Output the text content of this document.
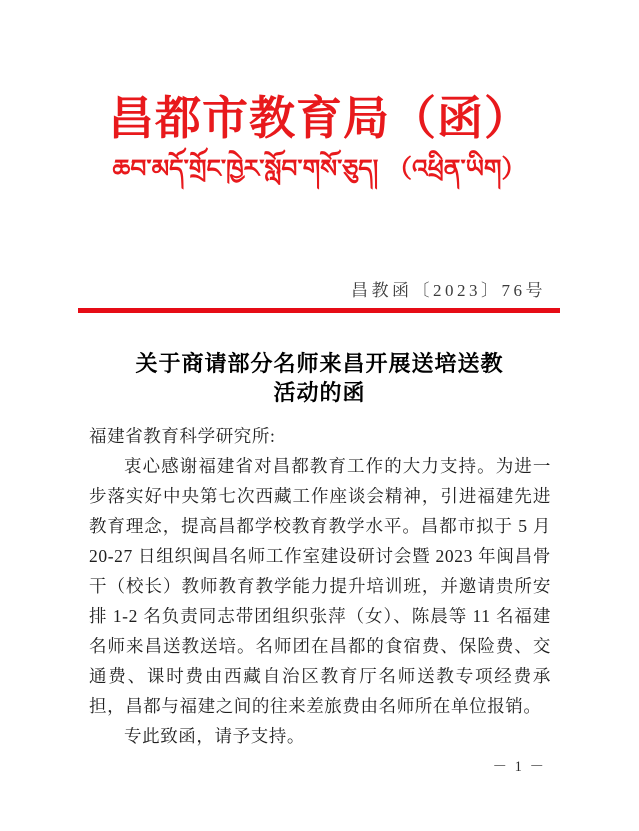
昌都市教育局（函）
ཆབ་མདོ་གྲོང་ཁྱེར་སློབ་གསོ་ཅུད། （འཕྲིན་ཡིག）
昌教函〔2023〕76号
关于商请部分名师来昌开展送培送教
活动的函

福建省教育科学研究所:

衷心感谢福建省对昌都教育工作的大力支持。为进一步落实好中央第七次西藏工作座谈会精神，引进福建先进教育理念，提高昌都学校教育教学水平。昌都市拟于 5 月 20-27 日组织闽昌名师工作室建设研讨会暨 2023 年闽昌骨干（校长）教师教育教学能力提升培训班，并邀请贵所安排 1-2 名负责同志带团组织张萍（女）、陈晨等 11 名福建名师来昌送教送培。名师团在昌都的食宿费、保险费、交通费、课时费由西藏自治区教育厅名师送教专项经费承担，昌都与福建之间的往来差旅费由名师所在单位报销。

专此致函，请予支持。

－ 1 －
